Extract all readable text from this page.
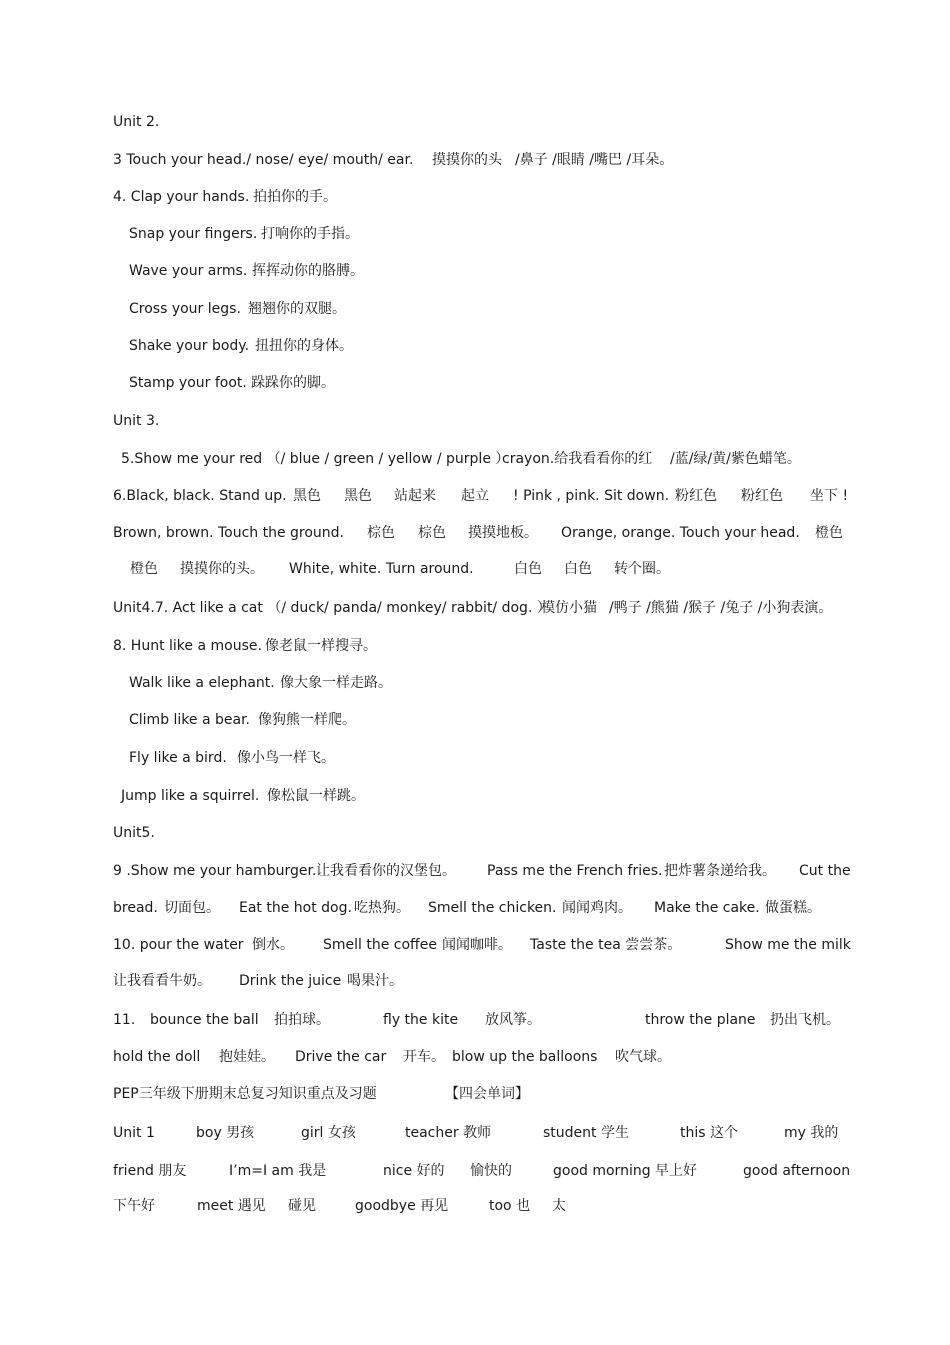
Unit 2.
3 Touch your head./ nose/ eye/ mouth/ ear. 摸摸你的头 /鼻子 /眼睛 /嘴巴 /耳朵。
4. Clap your hands. 拍拍你的手。
Snap your fingers. 打响你的手指。
Wave your arms. 挥挥动你的胳膊。
Cross your legs. 翘翘你的双腿。
Shake your body. 扭扭你的身体。
Stamp your foot. 跺跺你的脚。
Unit 3.
5.Show me your red （/ blue / green / yellow / purple ）
crayon.给我看看你的红 /蓝/绿/黄/紫色蜡笔。
6.Black, black. Stand up. 黑色 黑色 站起来 起立 ! Pink , pink. Sit down. 粉红色 粉红色 坐下 !
Brown, brown. Touch the ground. 棕色 棕色 摸摸地板。 Orange, orange. Touch your head. 橙色
橙色 摸摸你的头。 White, white. Turn around.	白色 白色 转个圈。
Unit4.7. Act like a cat （/ duck/ panda/ monkey/ rabbit/ dog. ）
模仿小猫 /鸭子 /熊猫 /猴子 /兔子 /小狗表演。
8. Hunt like a mouse. 像老鼠一样搜寻。
Walk like a elephant. 像大象一样走路。
Climb like a bear. 像狗熊一样爬。
Fly like a bird. 像小鸟一样飞。
Jump like a squirrel. 像松鼠一样跳。
Unit5.
9 .Show me your hamburger. 让我看看你的汉堡包。 Pass me the French fries. 把炸薯条递给我。 Cut the
bread. 切面包。 Eat the hot dog. 吃热狗。 Smell the chicken. 闻闻鸡肉。 Make the cake. 做蛋糕。
10. pour the water 倒水。 Smell the coffee 闻闻咖啡。 Taste the tea 尝尝茶。	Show me the milk
让我看看牛奶。 Drink the juice 喝果汁。
11. bounce the ball 拍拍球。	fly the kite 放风筝。	throw the plane 扔出飞机。
hold the doll 抱娃娃。 Drive the car 开车。 blow up the balloons 吹气球。
PEP三年级下册期末总复习知识重点及习题	【四会单词】
Unit 1	boy 男孩	girl 女孩	teacher 教师	student 学生	this 这个	my 我的
friend 朋友	I’m=I am 我是	nice 好的 愉快的	good morning 早上好	good afternoon
下午好	meet 遇见 碰见	goodbye 再见	too 也 太
